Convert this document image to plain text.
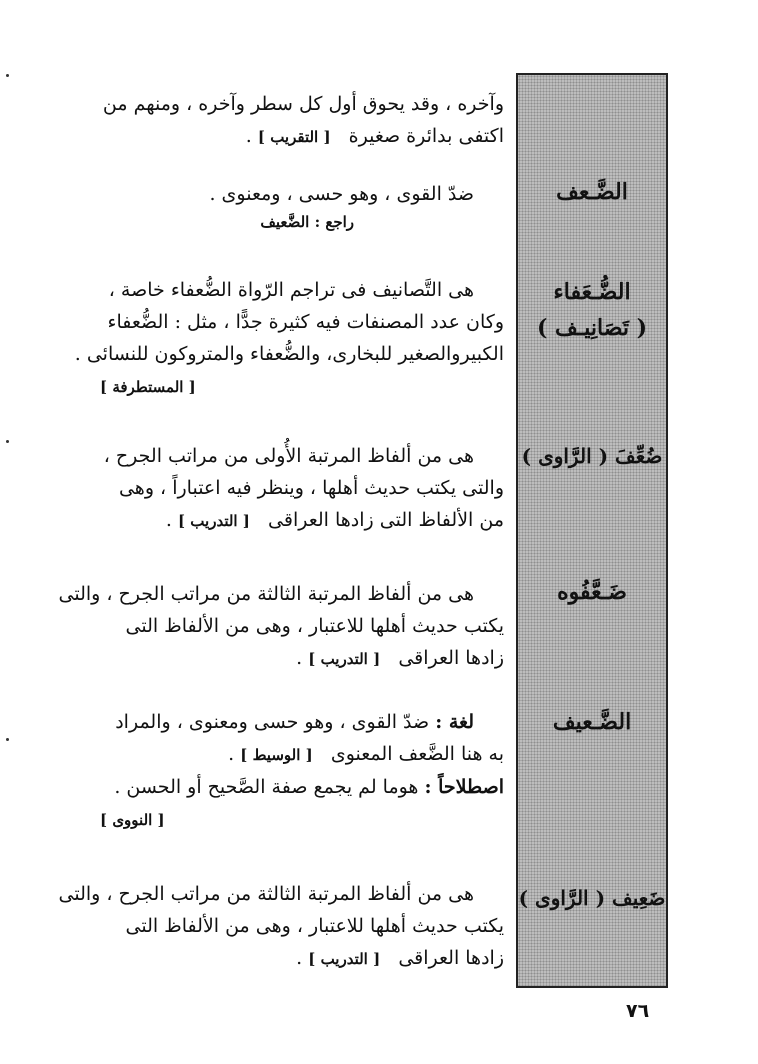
الضَّـعف
الضُّـعَفاء
( تَصَانِيـف )
ضُعِّفَ ( الرَّاوى )
ضَـعَّفُوه
الضَّـعيف
ضَعِيف ( الرَّاوى )
وآخره ، وقد يحوق أول كل سطر وآخره ، ومنهم من
اكتفى بدائرة صغيرة   [ التقريب ] .
ضدّ القوى ، وهو حسى ، ومعنوى .
راجع : الضَّعيف
هى التَّصانيف فى تراجم الرّواة الضُّعفاء خاصة ،
وكان عدد المصنفات فيه كثيرة جدًّا ، مثل : الضُّعفاء
الكبيروالصغير للبخارى، والضُّعفاء والمتروكون للنسائى .
[ المستطرفة ]
هى من ألفاظ المرتبة الأُولى من مراتب الجرح ،
والتى يكتب حديث أهلها ، وينظر فيه اعتباراً ، وهى
من الألفاظ التى زادها العراقى   [ التدريب ] .
هى من ألفاظ المرتبة الثالثة من مراتب الجرح ، والتى
يكتب حديث أهلها للاعتبار ، وهى من الألفاظ التى
زادها العراقى   [ التدريب ] .
لغة : ضدّ القوى ، وهو حسى ومعنوى ، والمراد
به هنا الضَّعف المعنوى   [ الوسيط ] .
اصطلاحاً : هوما لم يجمع صفة الصَّحيح أو الحسن .
[ النووى ]
هى من ألفاظ المرتبة الثالثة من مراتب الجرح ، والتى
يكتب حديث أهلها للاعتبار ، وهى من الألفاظ التى
زادها العراقى   [ التدريب ] .
٧٦
